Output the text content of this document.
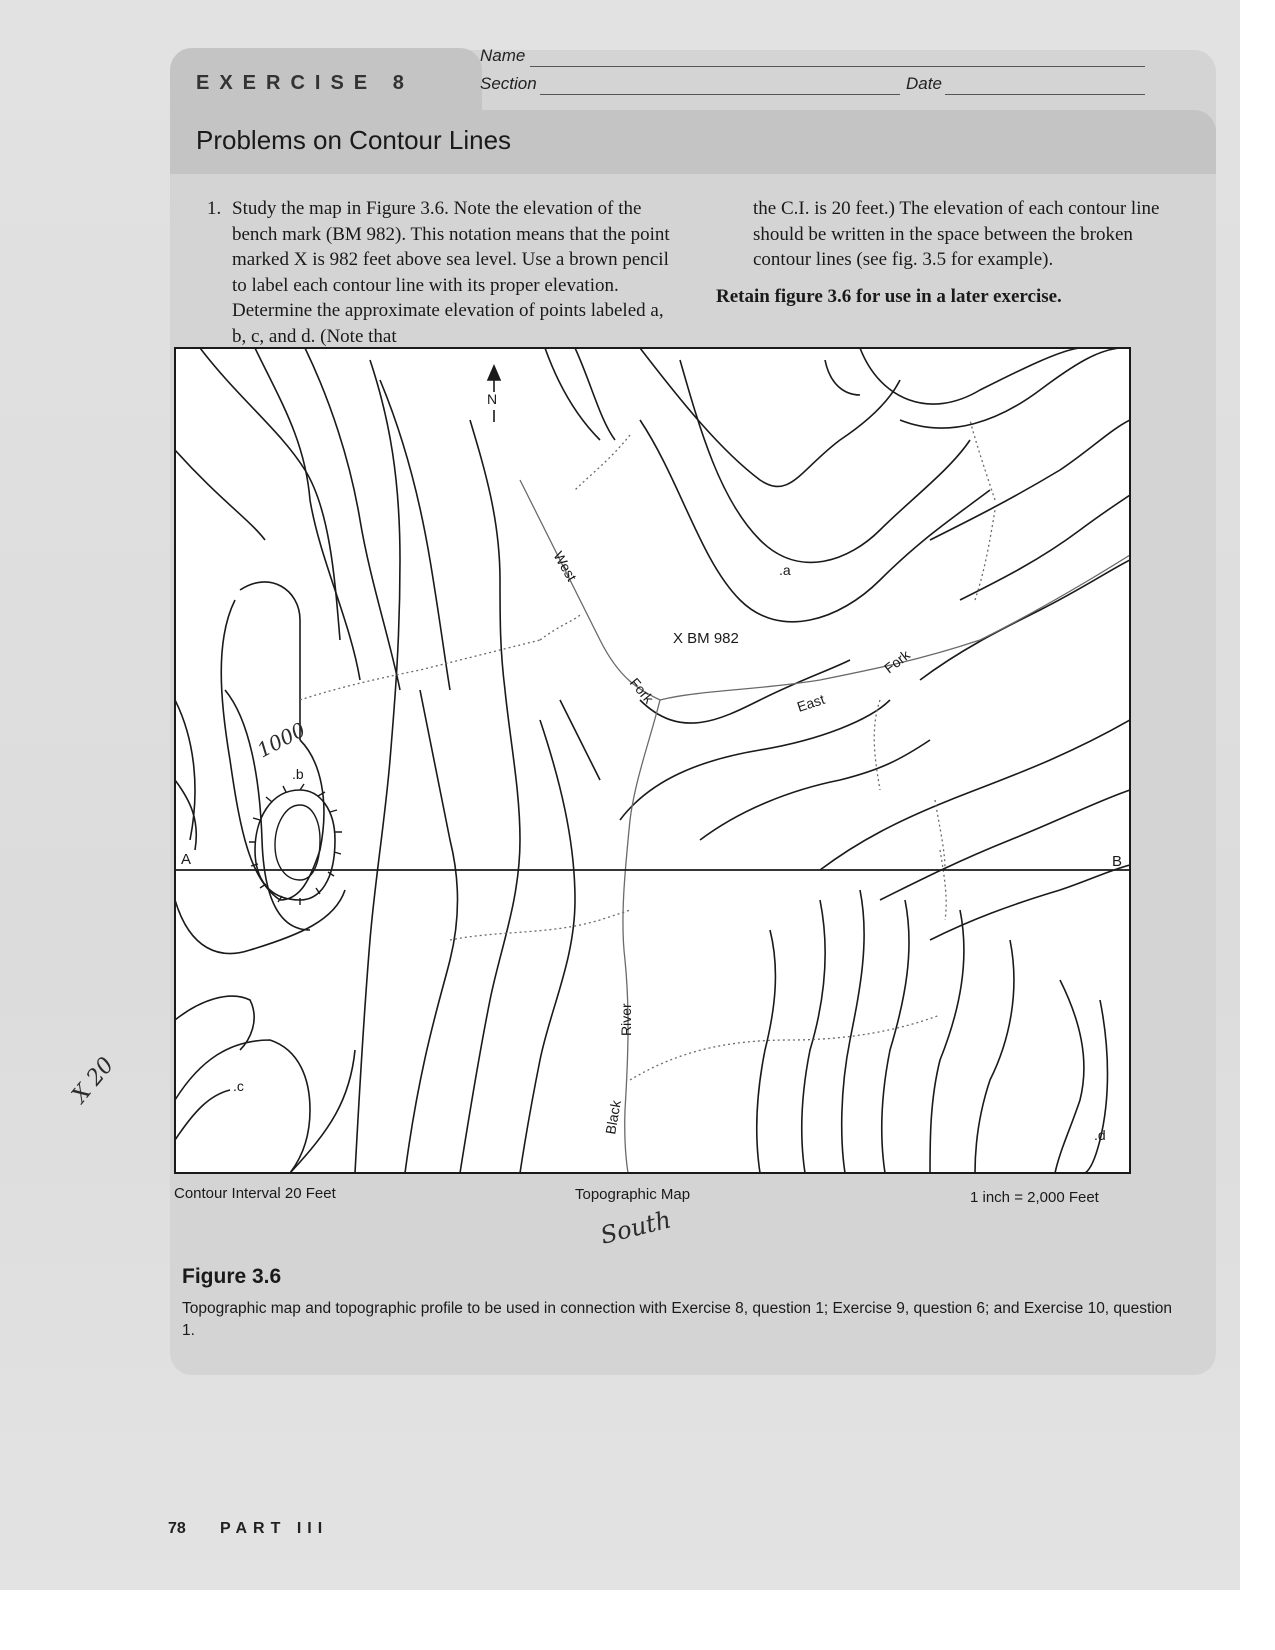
EXERCISE 8
Problems on Contour Lines
Name
Section	Date
1. Study the map in Figure 3.6. Note the elevation of the bench mark (BM 982). This notation means that the point marked X is 982 feet above sea level. Use a brown pencil to label each contour line with its proper elevation. Determine the approximate elevation of points labeled a, b, c, and d. (Note that
the C.I. is 20 feet.) The elevation of each contour line should be written in the space between the broken contour lines (see fig. 3.5 for example).
Retain figure 3.6 for use in a later exercise.
N
A	B
X BM 982
.a
.b
.c
.d
West
Fork	East
Fork
River
Black
1000
South
X 20
Contour Interval 20 Feet	Topographic Map	1 inch = 2,000 Feet
Figure 3.6
Topographic map and topographic profile to be used in connection with Exercise 8, question 1; Exercise 9, question 6; and Exercise 10, question 1.
78 PART III
